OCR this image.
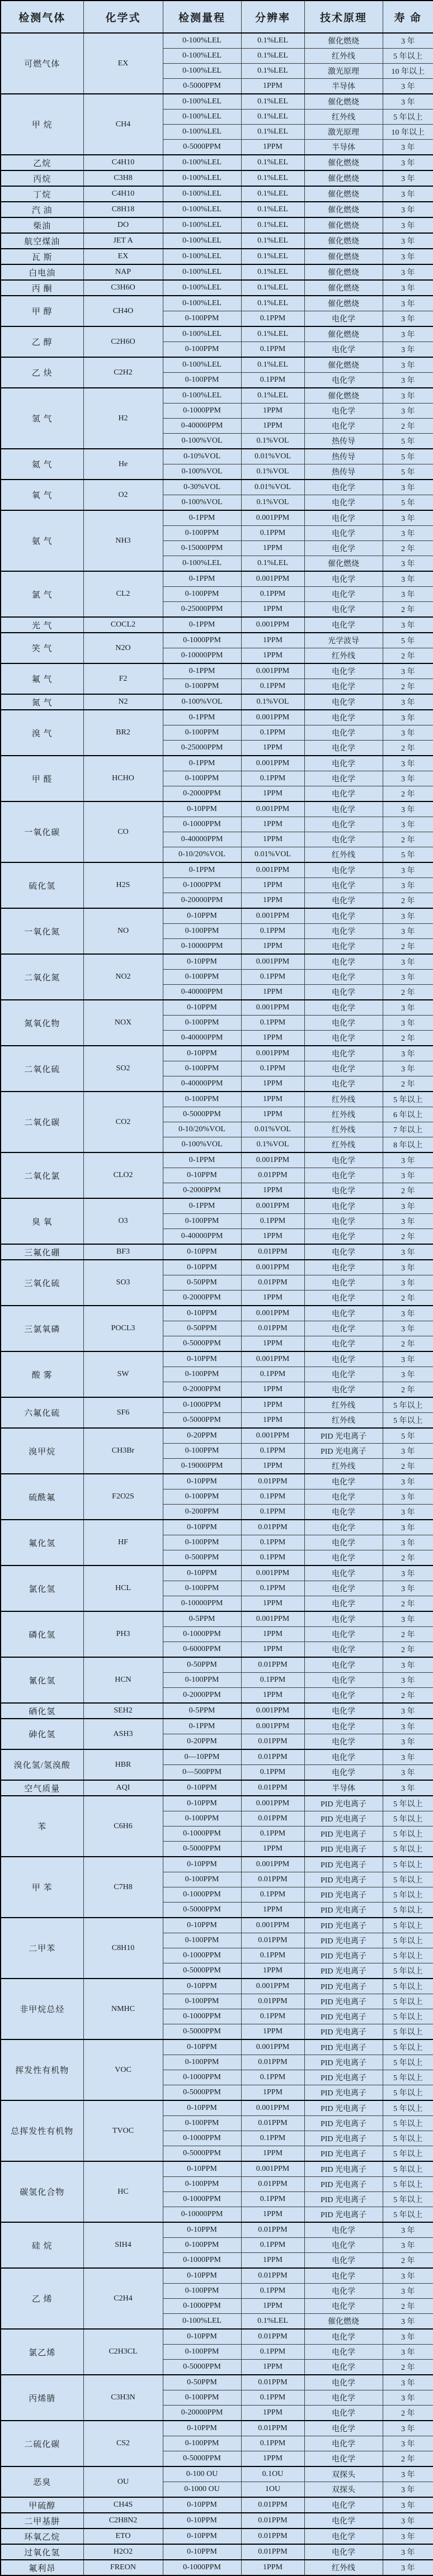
检测气体	化学式	检测量程	分辨率	技术原理	寿 命
可燃气体	EX	0-100%LEL	0.1%LEL	催化燃烧	3 年
		0-100%LEL	0.1%LEL	红外线	5 年以上
		0-100%LEL	0.1%LEL	激光原理	10 年以上
		0-5000PPM	1PPM	半导体	3 年
甲 烷	CH4	0-100%LEL	0.1%LEL	催化燃烧	3 年
		0-100%LEL	0.1%LEL	红外线	5 年以上
		0-100%LEL	0.1%LEL	激光原理	10 年以上
		0-5000PPM	1PPM	半导体	3 年
乙烷	C4H10	0-100%LEL	0.1%LEL	催化燃烧	3 年
丙烷	C3H8	0-100%LEL	0.1%LEL	催化燃烧	3 年
丁烷	C4H10	0-100%LEL	0.1%LEL	催化燃烧	3 年
汽 油	C8H18	0-100%LEL	0.1%LEL	催化燃烧	3 年
柴油	DO	0-100%LEL	0.1%LEL	催化燃烧	3 年
航空煤油	JET A	0-100%LEL	0.1%LEL	催化燃烧	3 年
瓦 斯	EX	0-100%LEL	0.1%LEL	催化燃烧	3 年
白电油	NAP	0-100%LEL	0.1%LEL	催化燃烧	3 年
丙 酮	C3H6O	0-100%LEL	0.1%LEL	催化燃烧	3 年
甲 醇	CH4O	0-100%LEL	0.1%LEL	催化燃烧	3 年
		0-100PPM	0.1PPM	电化学	3 年
乙 醇	C2H6O	0-100%LEL	0.1%LEL	催化燃烧	3 年
		0-100PPM	0.1PPM	电化学	3 年
乙 炔	C2H2	0-100%LEL	0.1%LEL	催化燃烧	3 年
		0-100PPM	0.1PPM	电化学	3 年
氢 气	H2	0-100%LEL	0.1%LEL	催化燃烧	3 年
		0-1000PPM	1PPM	电化学	3 年
		0-40000PPM	1PPM	电化学	2 年
		0-100%VOL	0.1%VOL	热传导	5 年
氦 气	He	0-10%VOL	0.01%VOL	热传导	5 年
		0-100%VOL	0.1%VOL	热传导	5 年
氧 气	O2	0-30%VOL	0.01%VOL	电化学	3 年
		0-100%VOL	0.1%VOL	电化学	5 年
氨 气	NH3	0-1PPM	0.001PPM	电化学	3 年
		0-100PPM	0.1PPM	电化学	3 年
		0-15000PPM	1PPM	电化学	2 年
		0-100%LEL	0.1%LEL	催化燃烧	3 年
氯 气	CL2	0-1PPM	0.001PPM	电化学	3 年
		0-100PPM	0.1PPM	电化学	3 年
		0-25000PPM	1PPM	电化学	2 年
光 气	COCL2	0-1PPM	0.001PPM	电化学	3 年
笑 气	N2O	0-1000PPM	1PPM	光学波导	5 年
		0-10000PPM	1PPM	红外线	2 年
氟 气	F2	0-1PPM	0.001PPM	电化学	3 年
		0-100PPM	0.1PPM	电化学	2 年
氮 气	N2	0-100%VOL	0.1%VOL	电化学	3 年
溴 气	BR2	0-1PPM	0.001PPM	电化学	3 年
		0-100PPM	0.1PPM	电化学	3 年
		0-25000PPM	1PPM	电化学	2 年
甲 醛	HCHO	0-1PPM	0.001PPM	电化学	3 年
		0-100PPM	0.1PPM	电化学	3 年
		0-2000PPM	1PPM	电化学	2 年
一氧化碳	CO	0-10PPM	0.001PPM	电化学	3 年
		0-1000PPM	1PPM	电化学	3 年
		0-40000PPM	1PPM	电化学	2 年
		0-10/20%VOL	0.01%VOL	红外线	5 年
硫化氢	H2S	0-1PPM	0.001PPM	电化学	3 年
		0-1000PPM	1PPM	电化学	3 年
		0-20000PPM	1PPM	电化学	2 年
一氧化氮	NO	0-10PPM	0.001PPM	电化学	3 年
		0-100PPM	0.1PPM	电化学	3 年
		0-10000PPM	1PPM	电化学	2 年
二氧化氮	NO2	0-10PPM	0.001PPM	电化学	3 年
		0-100PPM	0.1PPM	电化学	3 年
		0-40000PPM	1PPM	电化学	2 年
氮氧化物	NOX	0-10PPM	0.001PPM	电化学	3 年
		0-100PPM	0.1PPM	电化学	3 年
		0-40000PPM	1PPM	电化学	2 年
二氧化硫	SO2	0-10PPM	0.001PPM	电化学	3 年
		0-100PPM	0.1PPM	电化学	3 年
		0-40000PPM	1PPM	电化学	2 年
二氧化碳	CO2	0-100PPM	1PPM	红外线	5 年以上
		0-5000PPM	1PPM	红外线	6 年以上
		0-10/20%VOL	0.01%VOL	红外线	7 年以上
		0-100%VOL	0.1%VOL	红外线	8 年以上
二氧化氯	CLO2	0-1PPM	0.001PPM	电化学	3 年
		0-10PPM	0.01PPM	电化学	3 年
		0-2000PPM	1PPM	电化学	2 年
臭 氧	O3	0-1PPM	0.001PPM	电化学	3 年
		0-100PPM	0.1PPM	电化学	3 年
		0-40000PPM	1PPM	电化学	2 年
三氟化硼	BF3	0-10PPM	0.01PPM	电化学	3 年
三氧化硫	SO3	0-10PPM	0.001PPM	电化学	3 年
		0-50PPM	0.01PPM	电化学	3 年
		0-2000PPM	1PPM	电化学	2 年
三氯氧磷	POCL3	0-10PPM	0.001PPM	电化学	3 年
		0-50PPM	0.01PPM	电化学	3 年
		0-5000PPM	1PPM	电化学	2 年
酸 雾	SW	0-10PPM	0.001PPM	电化学	3 年
		0-100PPM	0.1PPM	电化学	3 年
		0-2000PPM	1PPM	电化学	2 年
六氟化硫	SF6	0-1000PPM	1PPM	红外线	5 年以上
		0-5000PPM	1PPM	红外线	5 年以上
溴甲烷	CH3Br	0-20PPM	0.001PPM	PID 光电离子	5 年
		0-100PPM	0.1PPM	PID 光电离子	3 年
		0-19000PPM	1PPM	红外线	2 年
硫酰氟	F2O2S	0-10PPM	0.01PPM	电化学	3 年
		0-100PPM	0.1PPM	电化学	3 年
		0-200PPM	0.1PPM	电化学	3 年
氟化氢	HF	0-10PPM	0.01PPM	电化学	3 年
		0-100PPM	0.1PPM	电化学	3 年
		0-500PPM	0.1PPM	电化学	2 年
氯化氢	HCL	0-10PPM	0.001PPM	电化学	3 年
		0-100PPM	0.1PPM	电化学	3 年
		0-10000PPM	1PPM	电化学	2 年
磷化氢	PH3	0-5PPM	0.001PPM	电化学	3 年
		0-1000PPM	1PPM	电化学	2 年
		0-6000PPM	1PPM	电化学	2 年
氰化氢	HCN	0-50PPM	0.01PPM	电化学	3 年
		0-100PPM	0.1PPM	电化学	3 年
		0-2000PPM	1PPM	电化学	2 年
硒化氢	SEH2	0-5PPM	0.001PPM	电化学	3 年
砷化氢	ASH3	0-1PPM	0.001PPM	电化学	3 年
		0-20PPM	0.01PPM	电化学	3 年
溴化氢/氢溴酸	HBR	0—10PPM	0.01PPM	电化学	3 年
		0—500PPM	0.1PPM	电化学	3 年
空气质量	AQI	0-10PPM	0.01PPM	半导体	3 年
苯	C6H6	0-10PPM	0.001PPM	PID 光电离子	5 年以上
		0-100PPM	0.01PPM	PID 光电离子	5 年以上
		0-1000PPM	0.1PPM	PID 光电离子	5 年以上
		0-5000PPM	1PPM	PID 光电离子	5 年以上
甲 苯	C7H8	0-10PPM	0.001PPM	PID 光电离子	5 年以上
		0-100PPM	0.01PPM	PID 光电离子	5 年以上
		0-1000PPM	0.1PPM	PID 光电离子	5 年以上
		0-5000PPM	1PPM	PID 光电离子	5 年以上
二甲苯	C8H10	0-10PPM	0.001PPM	PID 光电离子	5 年以上
		0-100PPM	0.01PPM	PID 光电离子	5 年以上
		0-1000PPM	0.1PPM	PID 光电离子	5 年以上
		0-5000PPM	1PPM	PID 光电离子	5 年以上
非甲烷总烃	NMHC	0-10PPM	0.001PPM	PID 光电离子	5 年以上
		0-100PPM	0.01PPM	PID 光电离子	5 年以上
		0-1000PPM	0.1PPM	PID 光电离子	5 年以上
		0-5000PPM	1PPM	PID 光电离子	5 年以上
挥发性有机物	VOC	0-10PPM	0.001PPM	PID 光电离子	5 年以上
		0-100PPM	0.01PPM	PID 光电离子	5 年以上
		0-1000PPM	0.1PPM	PID 光电离子	5 年以上
		0-5000PPM	1PPM	PID 光电离子	5 年以上
总挥发性有机物	TVOC	0-10PPM	0.001PPM	PID 光电离子	5 年以上
		0-100PPM	0.01PPM	PID 光电离子	5 年以上
		0-1000PPM	0.1PPM	PID 光电离子	5 年以上
		0-5000PPM	1PPM	PID 光电离子	5 年以上
碳氢化合物	HC	0-10PPM	0.001PPM	PID 光电离子	5 年以上
		0-100PPM	0.01PPM	PID 光电离子	5 年以上
		0-1000PPM	0.1PPM	PID 光电离子	5 年以上
		0-10000PPM	1PPM	PID 光电离子	5 年以上
硅 烷	SIH4	0-10PPM	0.01PPM	电化学	3 年
		0-100PPM	0.1PPM	电化学	3 年
		0-1000PPM	1PPM	电化学	2 年
乙 烯	C2H4	0-10PPM	0.01PPM	电化学	3 年
		0-100PPM	0.1PPM	电化学	3 年
		0-1000PPM	1PPM	电化学	2 年
		0-100%LEL	0.1%LEL	催化燃烧	3 年
氯乙烯	C2H3CL	0-10PPM	0.01PPM	电化学	3 年
		0-100PPM	0.1PPM	电化学	3 年
		0-5000PPM	1PPM	电化学	2 年
丙烯腈	C3H3N	0-50PPM	0.01PPM	电化学	3 年
		0-100PPM	0.1PPM	电化学	3 年
		0-20000PPM	1PPM	电化学	2 年
二硫化碳	CS2	0-10PPM	0.01PPM	电化学	3 年
		0-100PPM	0.1PPM	电化学	3 年
		0-5000PPM	1PPM	电化学	2 年
恶臭	OU	0-100 OU	0.1OU	双探头	3 年
		0-1000 OU	1OU	双探头	3 年
甲硫醇	CH4S	0-10PPM	0.01PPM	电化学	3 年
二甲基肼	C2H8N2	0-10PPM	0.01PPM	电化学	3 年
环氧乙烷	ETO	0-10PPM	0.01PPM	电化学	3 年
过氧化氢	H2O2	0-10PPM	0.01PPM	电化学	3 年
氟利昂	FREON	0-1000PPM	1PPM	红外线	3 年
